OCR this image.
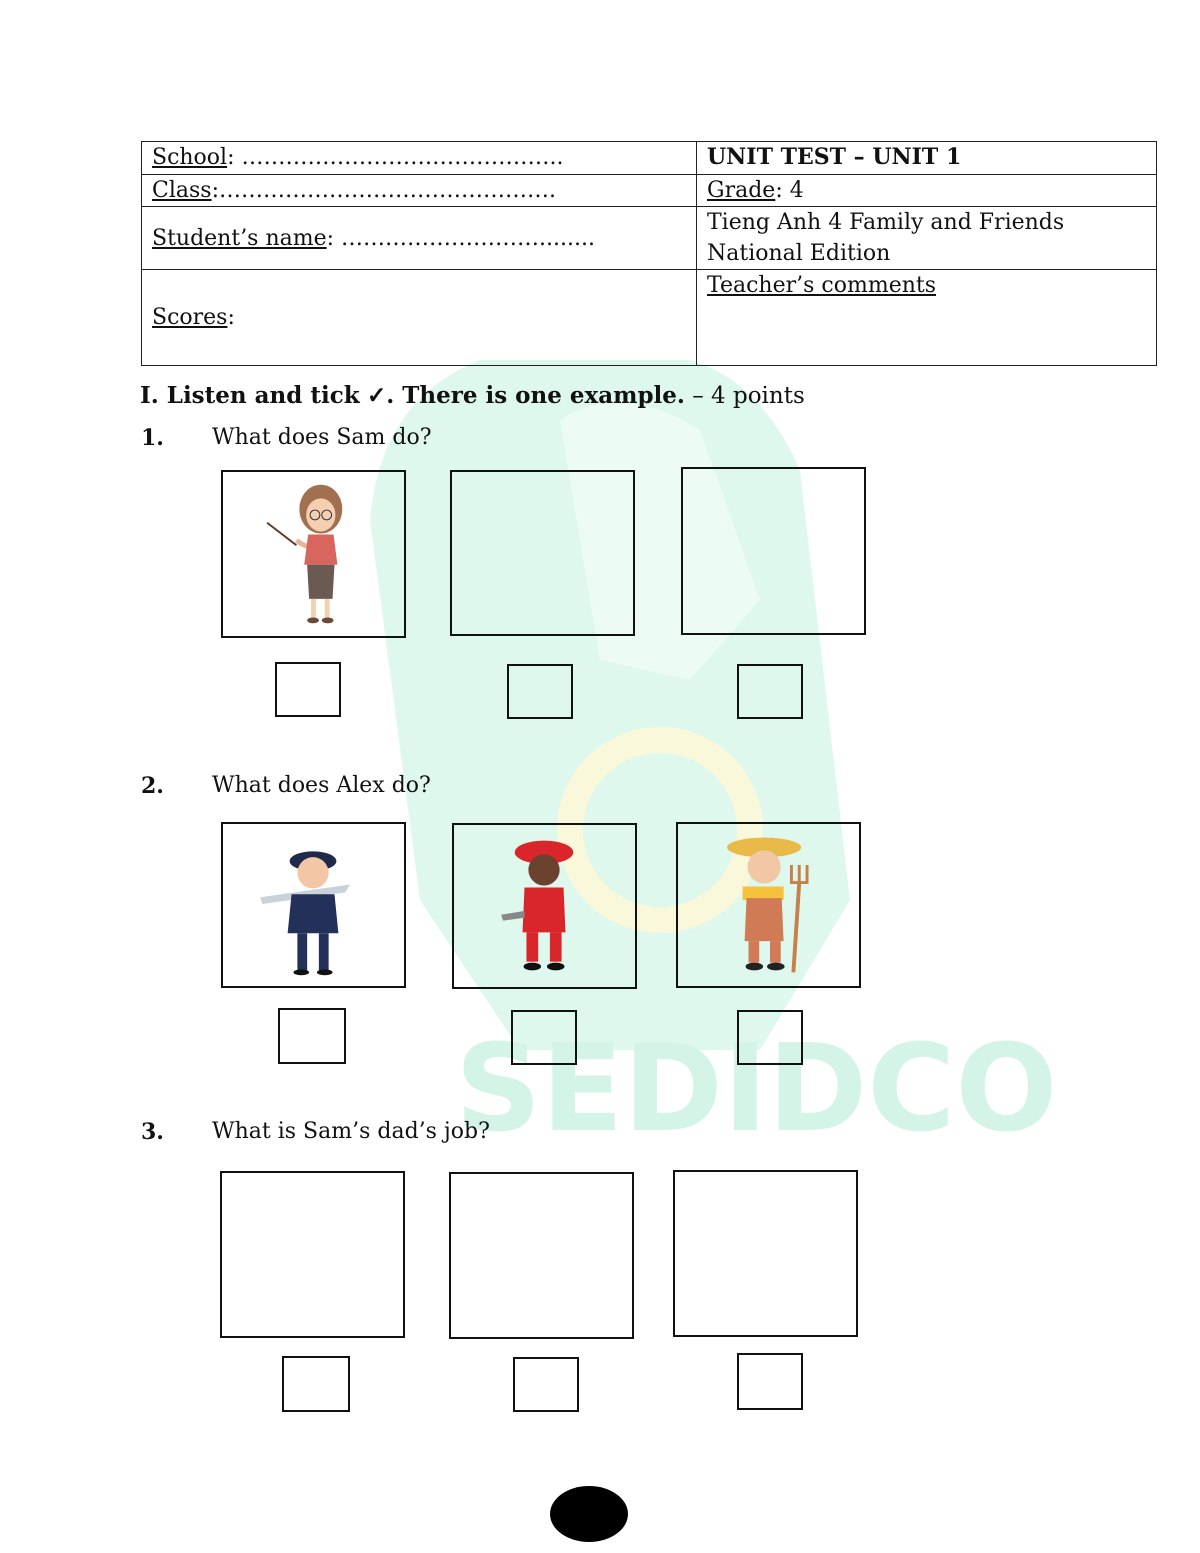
SEDIDCO
School: ……………………………………..	UNIT TEST – UNIT 1
Class:……………………………………….	Grade: 4
Student’s name: ………………………........	Tieng Anh 4 Family and Friends
National Edition

Scores:	Teacher’s comments
I. Listen and tick ✓. There is one example. – 4 points
1. What does Sam do?
2. What does Alex do?
3. What is Sam’s dad’s job?
